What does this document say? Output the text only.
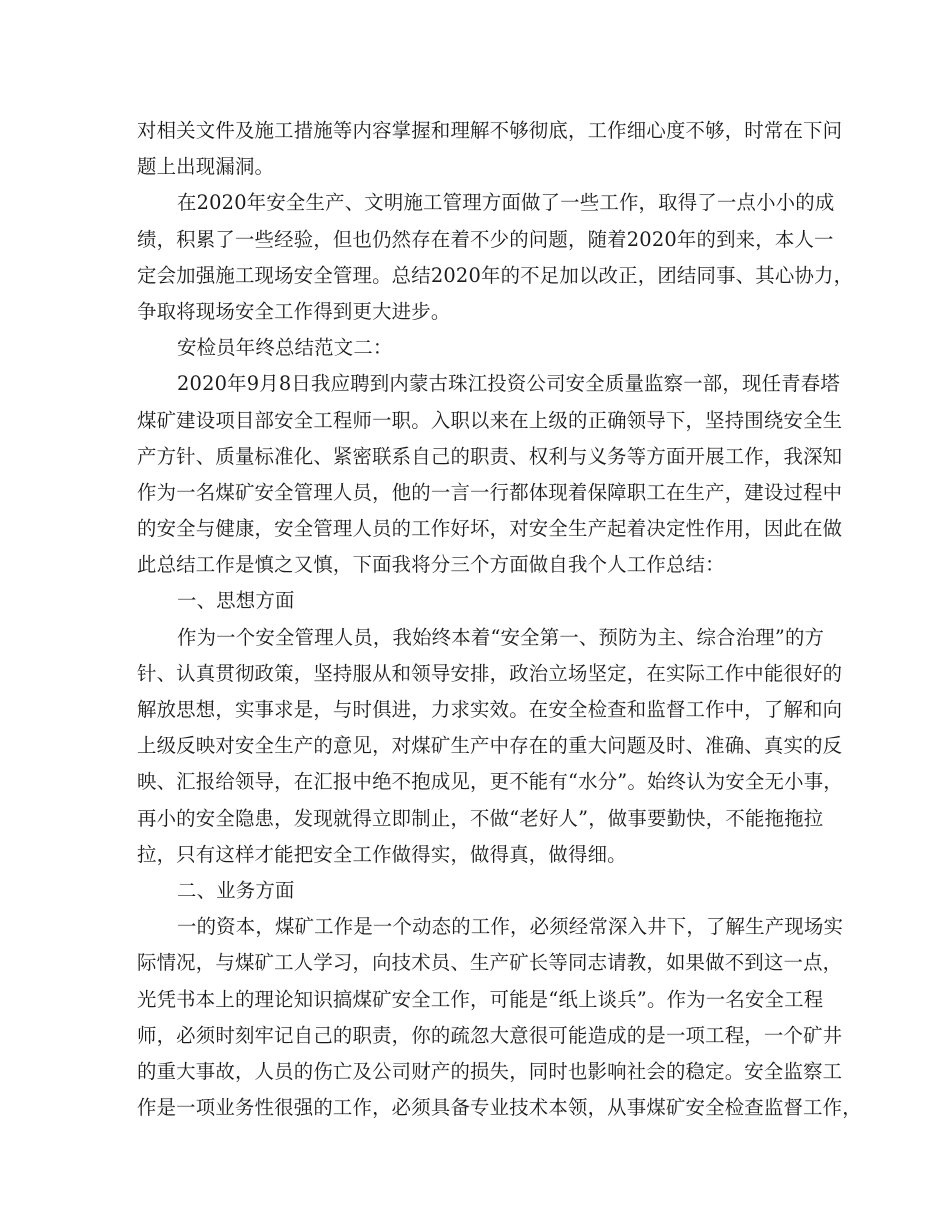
对相关文件及施工措施等内容掌握和理解不够彻底，工作细心度不够，时常在下问
题上出现漏洞。
在2020年安全生产、文明施工管理方面做了一些工作，取得了一点小小的成
绩，积累了一些经验，但也仍然存在着不少的问题，随着2020年的到来，本人一
定会加强施工现场安全管理。总结2020年的不足加以改正，团结同事、其心协力，
争取将现场安全工作得到更大进步。
安检员年终总结范文二：
2020年9月8日我应聘到内蒙古珠江投资公司安全质量监察一部，现任青春塔
煤矿建设项目部安全工程师一职。入职以来在上级的正确领导下，坚持围绕安全生
产方针、质量标准化、紧密联系自己的职责、权利与义务等方面开展工作，我深知
作为一名煤矿安全管理人员，他的一言一行都体现着保障职工在生产，建设过程中
的安全与健康，安全管理人员的工作好坏，对安全生产起着决定性作用，因此在做
此总结工作是慎之又慎，下面我将分三个方面做自我个人工作总结：
一、思想方面
作为一个安全管理人员，我始终本着“安全第一、预防为主、综合治理”的方
针、认真贯彻政策，坚持服从和领导安排，政治立场坚定，在实际工作中能很好的
解放思想，实事求是，与时俱进，力求实效。在安全检查和监督工作中，了解和向
上级反映对安全生产的意见，对煤矿生产中存在的重大问题及时、准确、真实的反
映、汇报给领导，在汇报中绝不抱成见，更不能有“水分”。始终认为安全无小事，
再小的安全隐患，发现就得立即制止，不做“老好人”，做事要勤快，不能拖拖拉
拉，只有这样才能把安全工作做得实，做得真，做得细。
二、业务方面
一的资本，煤矿工作是一个动态的工作，必须经常深入井下，了解生产现场实
际情况，与煤矿工人学习，向技术员、生产矿长等同志请教，如果做不到这一点，
光凭书本上的理论知识搞煤矿安全工作，可能是“纸上谈兵”。作为一名安全工程
师，必须时刻牢记自己的职责，你的疏忽大意很可能造成的是一项工程，一个矿井
的重大事故，人员的伤亡及公司财产的损失，同时也影响社会的稳定。安全监察工
作是一项业务性很强的工作，必须具备专业技术本领，从事煤矿安全检查监督工作，
